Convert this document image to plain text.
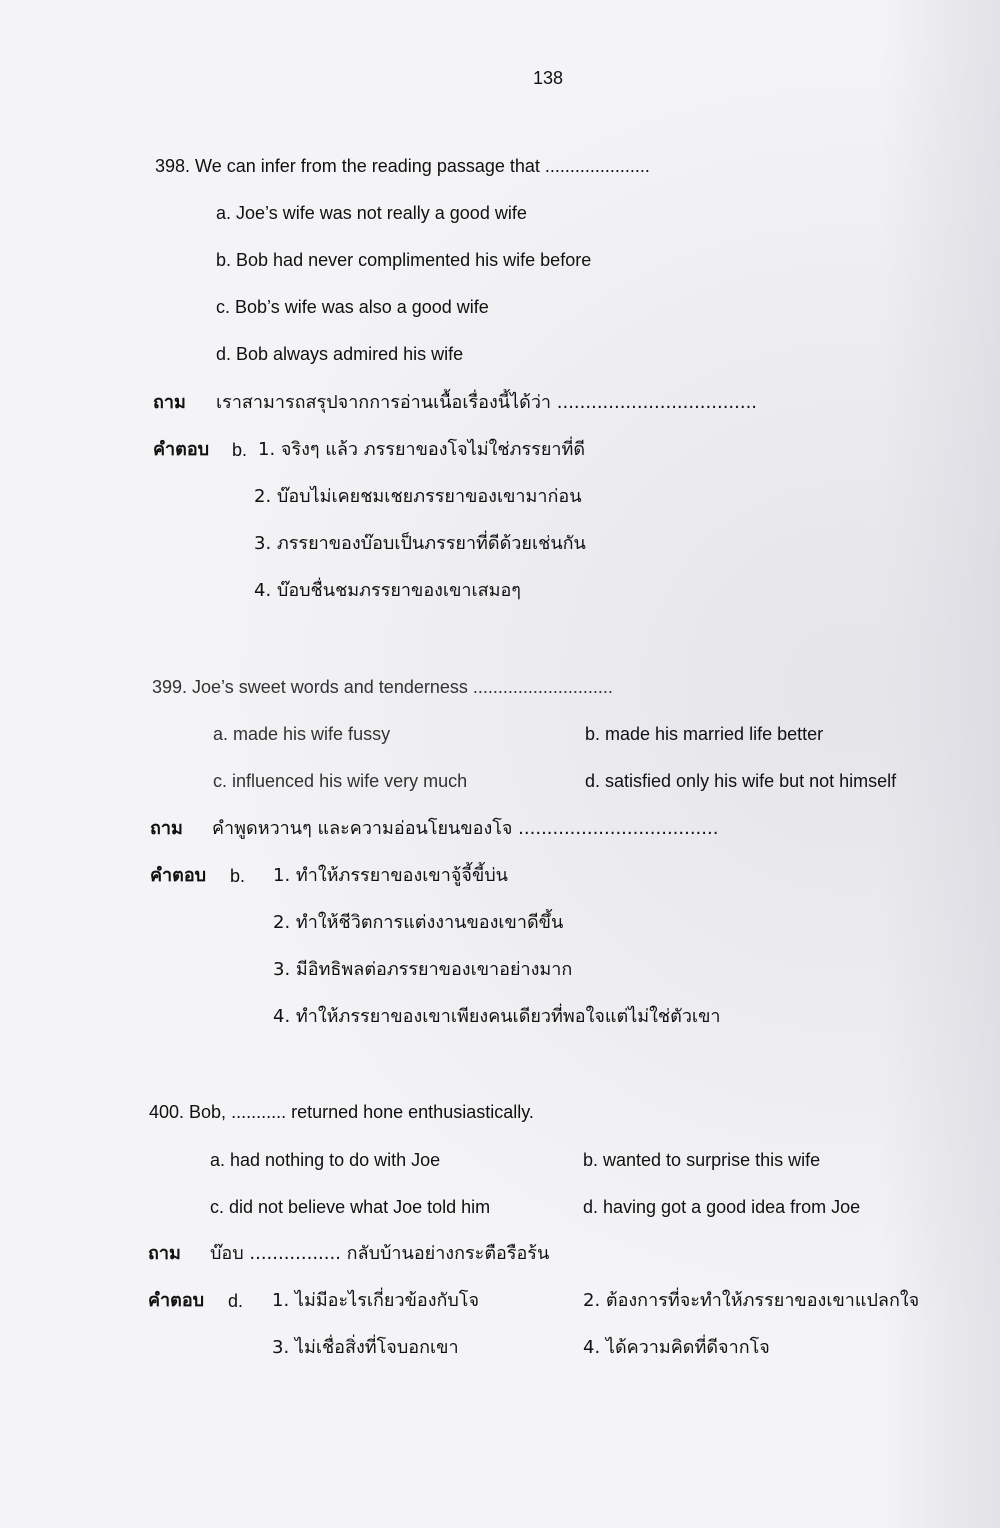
138
398. We can infer from the reading passage that .....................
a. Joe’s wife was not really a good wife
b. Bob had never complimented his wife before
c. Bob’s wife was also a good wife
d. Bob always admired his wife
ถาม เราสามารถสรุปจากการอ่านเนื้อเรื่องนี้ได้ว่า ...................................
คำตอบ b. 1. จริงๆ แล้ว ภรรยาของโจไม่ใช่ภรรยาที่ดี
2. บ๊อบไม่เคยชมเชยภรรยาของเขามาก่อน
3. ภรรยาของบ๊อบเป็นภรรยาที่ดีด้วยเช่นกัน
4. บ๊อบชื่นชมภรรยาของเขาเสมอๆ
399. Joe’s sweet words and tenderness ............................
a. made his wife fussy	b. made his married life better
c. influenced his wife very much	d. satisfied only his wife but not himself
ถาม คำพูดหวานๆ และความอ่อนโยนของโจ ...................................
คำตอบ b. 1. ทำให้ภรรยาของเขาจู้จี้ขี้บ่น
2. ทำให้ชีวิตการแต่งงานของเขาดีขึ้น
3. มีอิทธิพลต่อภรรยาของเขาอย่างมาก
4. ทำให้ภรรยาของเขาเพียงคนเดียวที่พอใจแต่ไม่ใช่ตัวเขา
400. Bob, ........... returned hone enthusiastically.
a. had nothing to do with Joe	b. wanted to surprise this wife
c. did not believe what Joe told him	d. having got a good idea from Joe
ถาม บ๊อบ ................ กลับบ้านอย่างกระตือรือร้น
คำตอบ d. 1. ไม่มีอะไรเกี่ยวข้องกับโจ	2. ต้องการที่จะทำให้ภรรยาของเขาแปลกใจ
3. ไม่เชื่อสิ่งที่โจบอกเขา	4. ได้ความคิดที่ดีจากโจ
